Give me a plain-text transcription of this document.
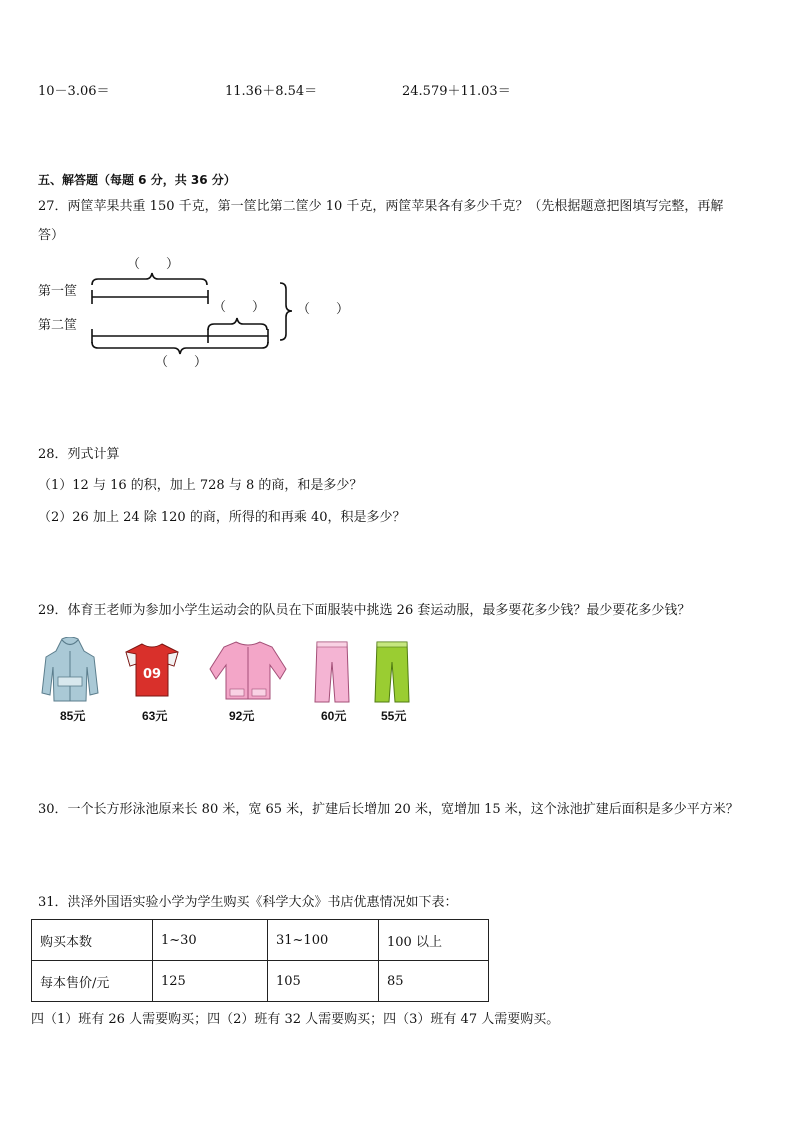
10－3.06＝	11.36＋8.54＝	24.579＋11.03＝
五、解答题（每题 6 分，共 36 分）
27．两筐苹果共重 150 千克，第一筐比第二筐少 10 千克，两筐苹果各有多少千克？（先根据题意把图填写完整，再解
答）
（　　）
第一筐
（　　） （　　）
第二筐
（　　）
28．列式计算
（1）12 与 16 的积，加上 728 与 8 的商，和是多少？
（2）26 加上 24 除 120 的商，所得的和再乘 40，积是多少？
29．体育王老师为参加小学生运动会的队员在下面服装中挑选 26 套运动服，最多要花多少钱？最少要花多少钱？
09
85元	63元	92元	60元	55元
30．一个长方形泳池原来长 80 米，宽 65 米，扩建后长增加 20 米，宽增加 15 米，这个泳池扩建后面积是多少平方米？
31．洪泽外国语实验小学为学生购买《科学大众》书店优惠情况如下表：
购买本数	1~30	31~100	100 以上
每本售价/元	125	105	85
四（1）班有 26 人需要购买；四（2）班有 32 人需要购买；四（3）班有 47 人需要购买。
